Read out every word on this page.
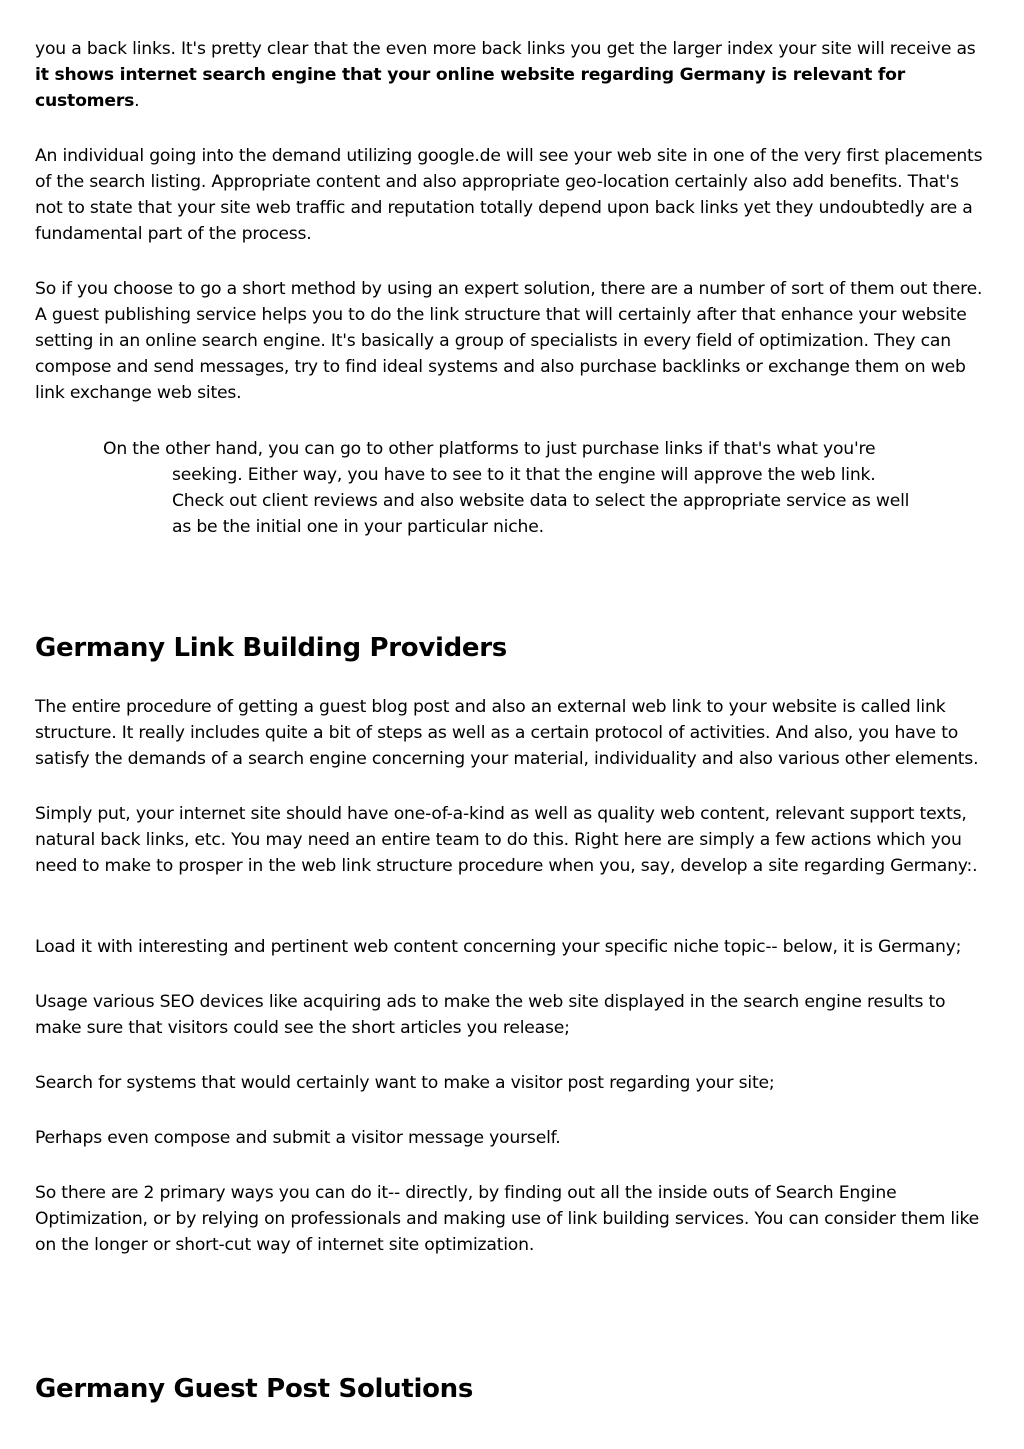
you a back links. It's pretty clear that the even more back links you get the larger index your site will receive as it shows internet search engine that your online website regarding Germany is relevant for customers.

An individual going into the demand utilizing google.de will see your web site in one of the very first placements of the search listing. Appropriate content and also appropriate geo-location certainly also add benefits. That's not to state that your site web traffic and reputation totally depend upon back links yet they undoubtedly are a fundamental part of the process.

So if you choose to go a short method by using an expert solution, there are a number of sort of them out there. A guest publishing service helps you to do the link structure that will certainly after that enhance your website setting in an online search engine. It's basically a group of specialists in every field of optimization. They can compose and send messages, try to find ideal systems and also purchase backlinks or exchange them on web link exchange web sites.

On the other hand, you can go to other platforms to just purchase links if that's what you're seeking. Either way, you have to see to it that the engine will approve the web link. Check out client reviews and also website data to select the appropriate service as well as be the initial one in your particular niche.

Germany Link Building Providers

The entire procedure of getting a guest blog post and also an external web link to your website is called link structure. It really includes quite a bit of steps as well as a certain protocol of activities. And also, you have to satisfy the demands of a search engine concerning your material, individuality and also various other elements.

Simply put, your internet site should have one-of-a-kind as well as quality web content, relevant support texts, natural back links, etc. You may need an entire team to do this. Right here are simply a few actions which you need to make to prosper in the web link structure procedure when you, say, develop a site regarding Germany:.

Load it with interesting and pertinent web content concerning your specific niche topic-- below, it is Germany;

Usage various SEO devices like acquiring ads to make the web site displayed in the search engine results to make sure that visitors could see the short articles you release;

Search for systems that would certainly want to make a visitor post regarding your site;

Perhaps even compose and submit a visitor message yourself.

So there are 2 primary ways you can do it-- directly, by finding out all the inside outs of Search Engine Optimization, or by relying on professionals and making use of link building services. You can consider them like on the longer or short-cut way of internet site optimization.

Germany Guest Post Solutions
